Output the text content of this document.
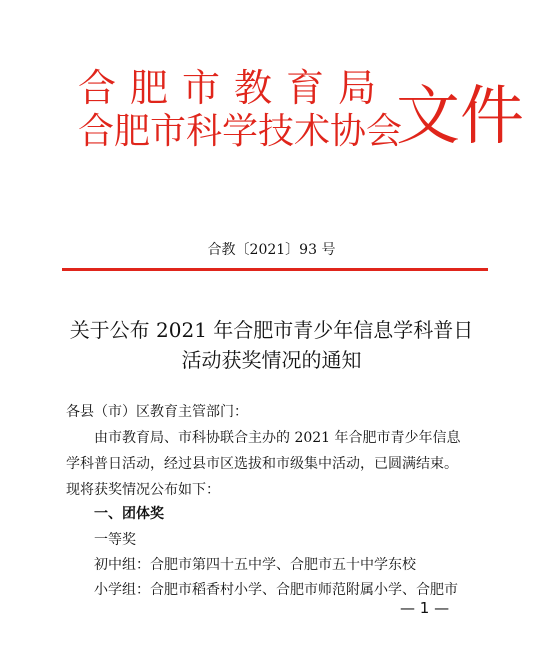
合肥市教育局
合肥市科学技术协会
文件
合教〔2021〕93 号
关于公布 2021 年合肥市青少年信息学科普日
活动获奖情况的通知
各县（市）区教育主管部门：
由市教育局、市科协联合主办的 2021 年合肥市青少年信息
学科普日活动，经过县市区选拔和市级集中活动，已圆满结束。
现将获奖情况公布如下：
一、团体奖
一等奖
初中组：合肥市第四十五中学、合肥市五十中学东校
小学组：合肥市稻香村小学、合肥市师范附属小学、合肥市
— 1 —
